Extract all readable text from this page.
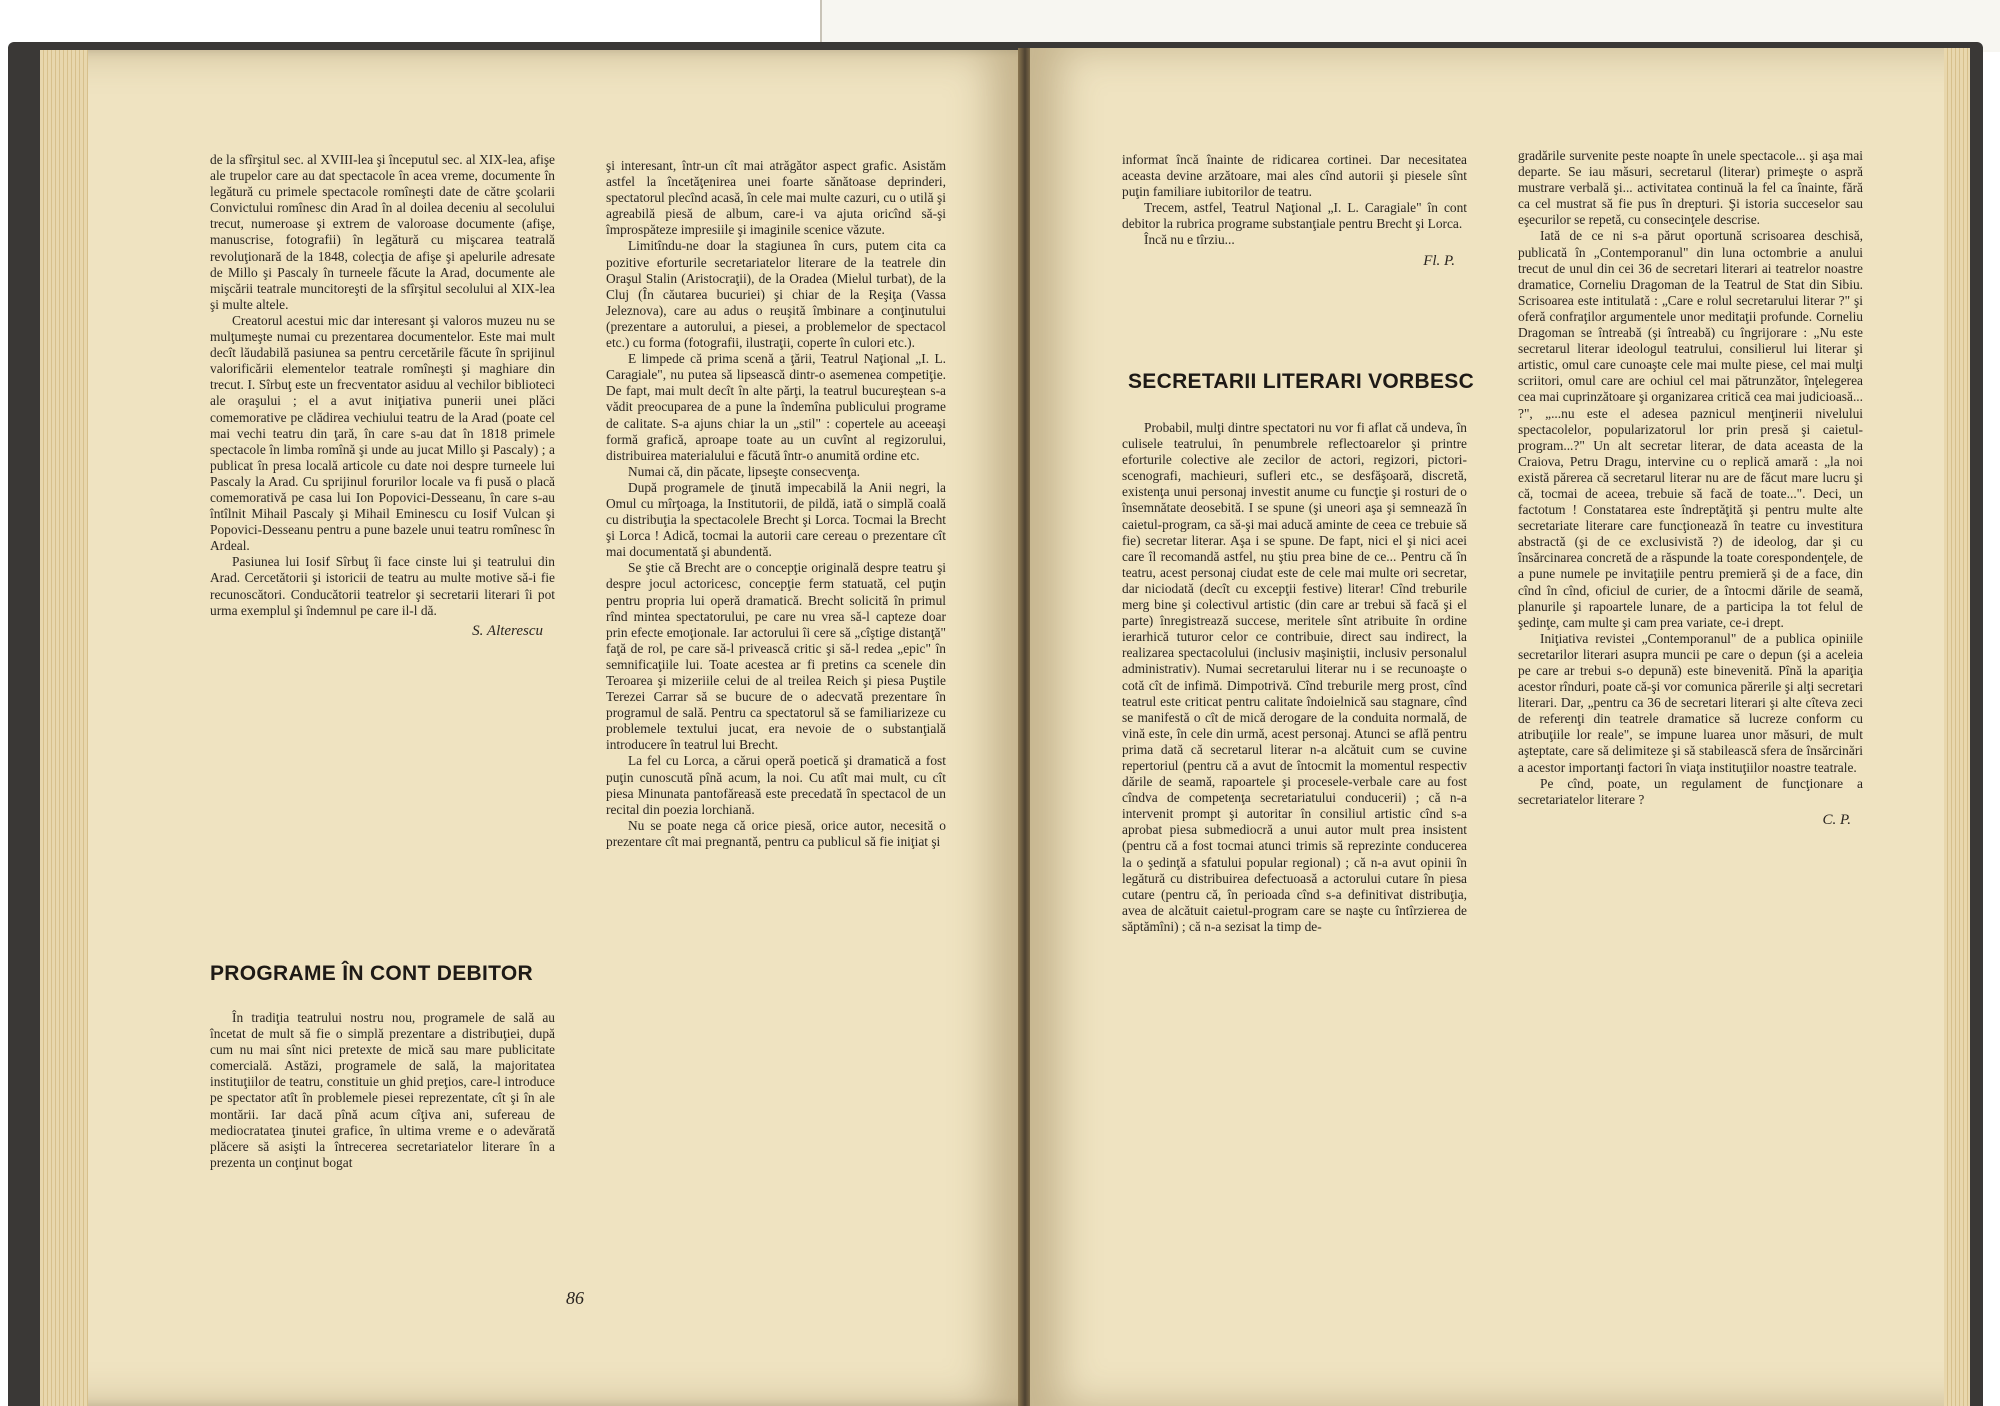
de la sfîrşitul sec. al XVIII-lea şi începutul sec. al XIX-lea, afişe ale trupelor care au dat spectacole în acea vreme, documente în legătură cu primele spectacole romîneşti date de către şcolarii Convictului romînesc din Arad în al doilea deceniu al secolului trecut, numeroase şi extrem de valoroase documente (afişe, manuscrise, fotografii) în legătură cu mişcarea teatrală revoluţionară de la 1848, colecţia de afişe şi apelurile adresate de Millo şi Pascaly în turneele făcute la Arad, documente ale mişcării teatrale muncitoreşti de la sfîrşitul secolului al XIX-lea şi multe altele.

Creatorul acestui mic dar interesant şi valoros muzeu nu se mulţumeşte numai cu prezentarea documentelor. Este mai mult decît lăudabilă pasiunea sa pentru cercetările făcute în sprijinul valorificării elementelor teatrale romîneşti şi maghiare din trecut. I. Sîrbuţ este un frecventator asiduu al vechilor biblioteci ale oraşului ; el a avut iniţiativa punerii unei plăci comemorative pe clădirea vechiului teatru de la Arad (poate cel mai vechi teatru din ţară, în care s-au dat în 1818 primele spectacole în limba romînă şi unde au jucat Millo şi Pascaly) ; a publicat în presa locală articole cu date noi despre turneele lui Pascaly la Arad. Cu sprijinul forurilor locale va fi pusă o placă comemorativă pe casa lui Ion Popovici-Desseanu, în care s-au întîlnit Mihail Pascaly şi Mihail Eminescu cu Iosif Vulcan şi Popovici-Desseanu pentru a pune bazele unui teatru romînesc în Ardeal.

Pasiunea lui Iosif Sîrbuţ îi face cinste lui şi teatrului din Arad. Cercetătorii şi istoricii de teatru au multe motive să-i fie recunoscători. Conducătorii teatrelor şi secretarii literari îi pot urma exemplul şi îndemnul pe care il-l dă.

S. Alterescu
PROGRAME ÎN CONT DEBITOR

În tradiţia teatrului nostru nou, programele de sală au încetat de mult să fie o simplă prezentare a distribuţiei, după cum nu mai sînt nici pretexte de mică sau mare publicitate comercială. Astăzi, programele de sală, la majoritatea instituţiilor de teatru, constituie un ghid preţios, care-l introduce pe spectator atît în problemele piesei reprezentate, cît şi în ale montării. Iar dacă pînă acum cîţiva ani, sufereau de mediocratatea ţinutei grafice, în ultima vreme e o adevărată plăcere să asişti la întrecerea secretariatelor literare în a prezenta un conţinut bogat

şi interesant, într-un cît mai atrăgător aspect grafic. Asistăm astfel la încetăţenirea unei foarte sănătoase deprinderi, spectatorul plecînd acasă, în cele mai multe cazuri, cu o utilă şi agreabilă piesă de album, care-i va ajuta oricînd să-şi împrospăteze impresiile şi imaginile scenice văzute.

Limitîndu-ne doar la stagiunea în curs, putem cita ca pozitive eforturile secretariatelor literare de la teatrele din Oraşul Stalin (Aristocraţii), de la Oradea (Mielul turbat), de la Cluj (În căutarea bucuriei) şi chiar de la Reşiţa (Vassa Jeleznova), care au adus o reuşită îmbinare a conţinutului (prezentare a autorului, a piesei, a problemelor de spectacol etc.) cu forma (fotografii, ilustraţii, coperte în culori etc.).

E limpede că prima scenă a ţării, Teatrul Naţional „I. L. Caragiale", nu putea să lipsească dintr-o asemenea competiţie. De fapt, mai mult decît în alte părţi, la teatrul bucureştean s-a vădit preocuparea de a pune la îndemîna publicului programe de calitate. S-a ajuns chiar la un „stil" : copertele au aceeaşi formă grafică, aproape toate au un cuvînt al regizorului, distribuirea materialului e făcută într-o anumită ordine etc.

Numai că, din păcate, lipseşte consecvenţa.

După programele de ţinută impecabilă la Anii negri, la Omul cu mîrţoaga, la Institutorii, de pildă, iată o simplă coală cu distribuţia la spectacolele Brecht şi Lorca. Tocmai la Brecht şi Lorca ! Adică, tocmai la autorii care cereau o prezentare cît mai documentată şi abundentă.

Se ştie că Brecht are o concepţie originală despre teatru şi despre jocul actoricesc, concepţie ferm statuată, cel puţin pentru propria lui operă dramatică. Brecht solicită în primul rînd mintea spectatorului, pe care nu vrea să-l capteze doar prin efecte emoţionale. Iar actorului îi cere să „cîştige distanţă" faţă de rol, pe care să-l privească critic şi să-l redea „epic" în semnificaţiile lui. Toate acestea ar fi pretins ca scenele din Teroarea şi mizeriile celui de al treilea Reich şi piesa Puştile Terezei Carrar să se bucure de o adecvată prezentare în programul de sală. Pentru ca spectatorul să se familiarizeze cu problemele textului jucat, era nevoie de o substanţială introducere în teatrul lui Brecht.

La fel cu Lorca, a cărui operă poetică şi dramatică a fost puţin cunoscută pînă acum, la noi. Cu atît mai mult, cu cît piesa Minunata pantofăreasă este precedată în spectacol de un recital din poezia lorchiană.

Nu se poate nega că orice piesă, orice autor, necesită o prezentare cît mai pregnantă, pentru ca publicul să fie iniţiat şi

86

informat încă înainte de ridicarea cortinei. Dar necesitatea aceasta devine arzătoare, mai ales cînd autorii şi piesele sînt puţin familiare iubitorilor de teatru.

Trecem, astfel, Teatrul Naţional „I. L. Caragiale" în cont debitor la rubrica programe substanţiale pentru Brecht şi Lorca.

Încă nu e tîrziu...

Fl. P.
SECRETARII LITERARI VORBESC

Probabil, mulţi dintre spectatori nu vor fi aflat că undeva, în culisele teatrului, în penumbrele reflectoarelor şi printre eforturile colective ale zecilor de actori, regizori, pictori-scenografi, machieuri, sufleri etc., se desfăşoară, discretă, existenţa unui personaj investit anume cu funcţie şi rosturi de o însemnătate deosebită. I se spune (şi uneori aşa şi semnează în caietul-program, ca să-şi mai aducă aminte de ceea ce trebuie să fie) secretar literar. Aşa i se spune. De fapt, nici el şi nici acei care îl recomandă astfel, nu ştiu prea bine de ce... Pentru că în teatru, acest personaj ciudat este de cele mai multe ori secretar, dar niciodată (decît cu excepţii festive) literar! Cînd treburile merg bine şi colectivul artistic (din care ar trebui să facă şi el parte) înregistrează succese, meritele sînt atribuite în ordine ierarhică tuturor celor ce contribuie, direct sau indirect, la realizarea spectacolului (inclusiv maşiniştii, inclusiv personalul administrativ). Numai secretarului literar nu i se recunoaşte o cotă cît de infimă. Dimpotrivă. Cînd treburile merg prost, cînd teatrul este criticat pentru calitate îndoielnică sau stagnare, cînd se manifestă o cît de mică derogare de la conduita normală, de vină este, în cele din urmă, acest personaj. Atunci se află pentru prima dată că secretarul literar n-a alcătuit cum se cuvine repertoriul (pentru că a avut de întocmit la momentul respectiv dările de seamă, rapoartele şi procesele-verbale care au fost cîndva de competenţa secretariatului conducerii) ; că n-a intervenit prompt şi autoritar în consiliul artistic cînd s-a aprobat piesa submediocră a unui autor mult prea insistent (pentru că a fost tocmai atunci trimis să reprezinte conducerea la o şedinţă a sfatului popular regional) ; că n-a avut opinii în legătură cu distribuirea defectuoasă a actorului cutare în piesa cutare (pentru că, în perioada cînd s-a definitivat distribuţia, avea de alcătuit caietul-program care se naşte cu întîrzierea de săptămîni) ; că n-a sezisat la timp de-

gradările survenite peste noapte în unele spectacole... şi aşa mai departe. Se iau măsuri, secretarul (literar) primeşte o aspră mustrare verbală şi... activitatea continuă la fel ca înainte, fără ca cel mustrat să fie pus în drepturi. Şi istoria succeselor sau eşecurilor se repetă, cu consecinţele descrise.

Iată de ce ni s-a părut oportună scrisoarea deschisă, publicată în „Contemporanul" din luna octombrie a anului trecut de unul din cei 36 de secretari literari ai teatrelor noastre dramatice, Corneliu Dragoman de la Teatrul de Stat din Sibiu. Scrisoarea este intitulată : „Care e rolul secretarului literar ?" şi oferă confraţilor argumentele unor meditaţii profunde. Corneliu Dragoman se întreabă (şi întreabă) cu îngrijorare : „Nu este secretarul literar ideologul teatrului, consilierul lui literar şi artistic, omul care cunoaşte cele mai multe piese, cel mai mulţi scriitori, omul care are ochiul cel mai pătrunzător, înţelegerea cea mai cuprinzătoare şi organizarea critică cea mai judicioasă... ?", „...nu este el adesea paznicul menţinerii nivelului spectacolelor, popularizatorul lor prin presă şi caietul-program...?" Un alt secretar literar, de data aceasta de la Craiova, Petru Dragu, intervine cu o replică amară : „la noi există părerea că secretarul literar nu are de făcut mare lucru şi că, tocmai de aceea, trebuie să facă de toate...". Deci, un factotum ! Constatarea este îndreptăţită şi pentru multe alte secretariate literare care funcţionează în teatre cu investitura abstractă (şi de ce exclusivistă ?) de ideolog, dar şi cu însărcinarea concretă de a răspunde la toate corespondenţele, de a pune numele pe invitaţiile pentru premieră şi de a face, din cînd în cînd, oficiul de curier, de a întocmi dările de seamă, planurile şi rapoartele lunare, de a participa la tot felul de şedinţe, cam multe şi cam prea variate, ce-i drept.

Iniţiativa revistei „Contemporanul" de a publica opiniile secretarilor literari asupra muncii pe care o depun (şi a aceleia pe care ar trebui s-o depună) este binevenită. Pînă la apariţia acestor rînduri, poate că-şi vor comunica părerile şi alţi secretari literari. Dar, „pentru ca 36 de secretari literari şi alte cîteva zeci de referenţi din teatrele dramatice să lucreze conform cu atribuţiile lor reale", se impune luarea unor măsuri, de mult aşteptate, care să delimiteze şi să stabilească sfera de însărcinări a acestor importanţi factori în viaţa instituţiilor noastre teatrale.

Pe cînd, poate, un regulament de funcţionare a secretariatelor literare ?

C. P.
